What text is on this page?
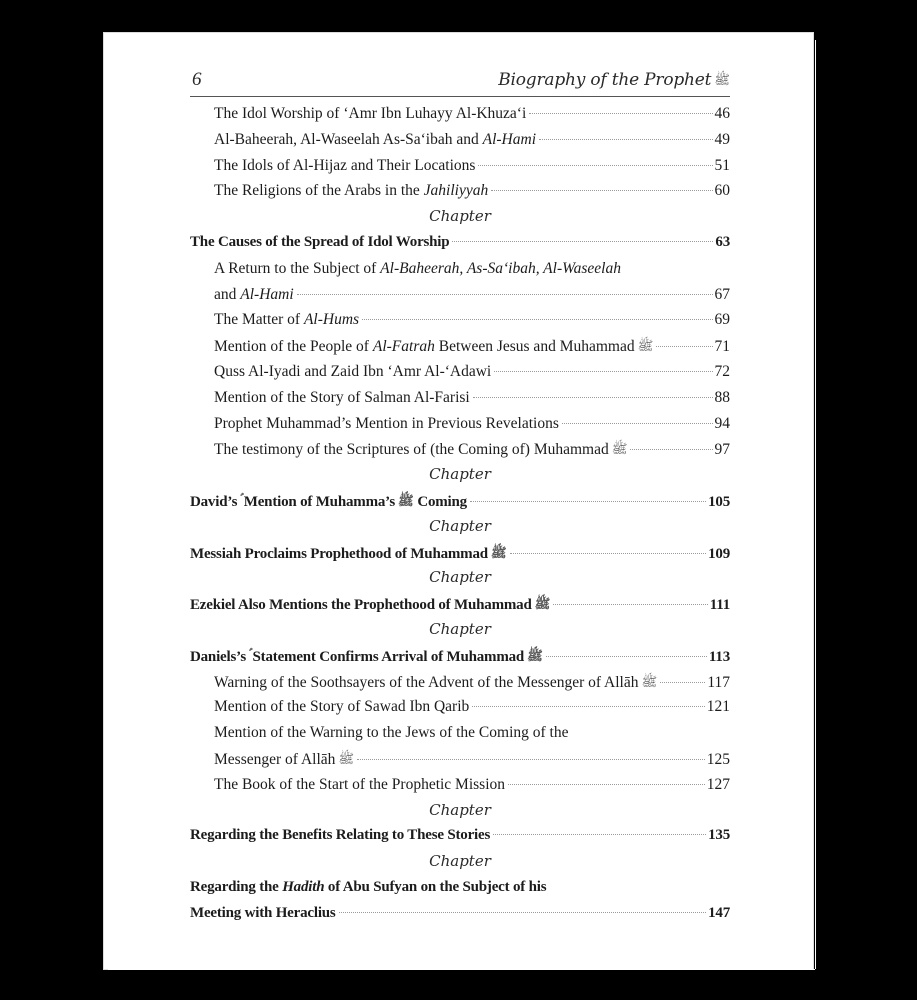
6	Biography of the Prophet ﷺ
The Idol Worship of ‘Amr Ibn Luhayy Al-Khuza‘i	46
Al-Baheerah, Al-Waseelah As-Sa‘ibah and Al-Hami	49
The Idols of Al-Hijaz and Their Locations	51
The Religions of the Arabs in the Jahiliyyah	60
Chapter
The Causes of the Spread of Idol Worship	63
A Return to the Subject of Al-Baheerah, As-Sa‘ibah, Al-Waseelah
and Al-Hami	67
The Matter of Al-Hums	69
Mention of the People of Al-Fatrah Between Jesus and Muhammad ﷺ	71
Quss Al-Iyadi and Zaid Ibn ‘Amr Al-‘Adawi	72
Mention of the Story of Salman Al-Farisi	88
Prophet Muhammad’s Mention in Previous Revelations	94
The testimony of the Scriptures of (the Coming of) Muhammad ﷺ	97
Chapter
David’s Mention of Muhamma’s ﷺ Coming	105
Chapter
Messiah Proclaims Prophethood of Muhammad ﷺ	109
Chapter
Ezekiel Also Mentions the Prophethood of Muhammad ﷺ	111
Chapter
Daniels’s Statement Confirms Arrival of Muhammad ﷺ	113
Warning of the Soothsayers of the Advent of the Messenger of Allāh ﷺ	117
Mention of the Story of Sawad Ibn Qarib	121
Mention of the Warning to the Jews of the Coming of the
Messenger of Allāh ﷺ	125
The Book of the Start of the Prophetic Mission	127
Chapter
Regarding the Benefits Relating to These Stories	135
Chapter
Regarding the Hadith of Abu Sufyan on the Subject of his
Meeting with Heraclius	147
